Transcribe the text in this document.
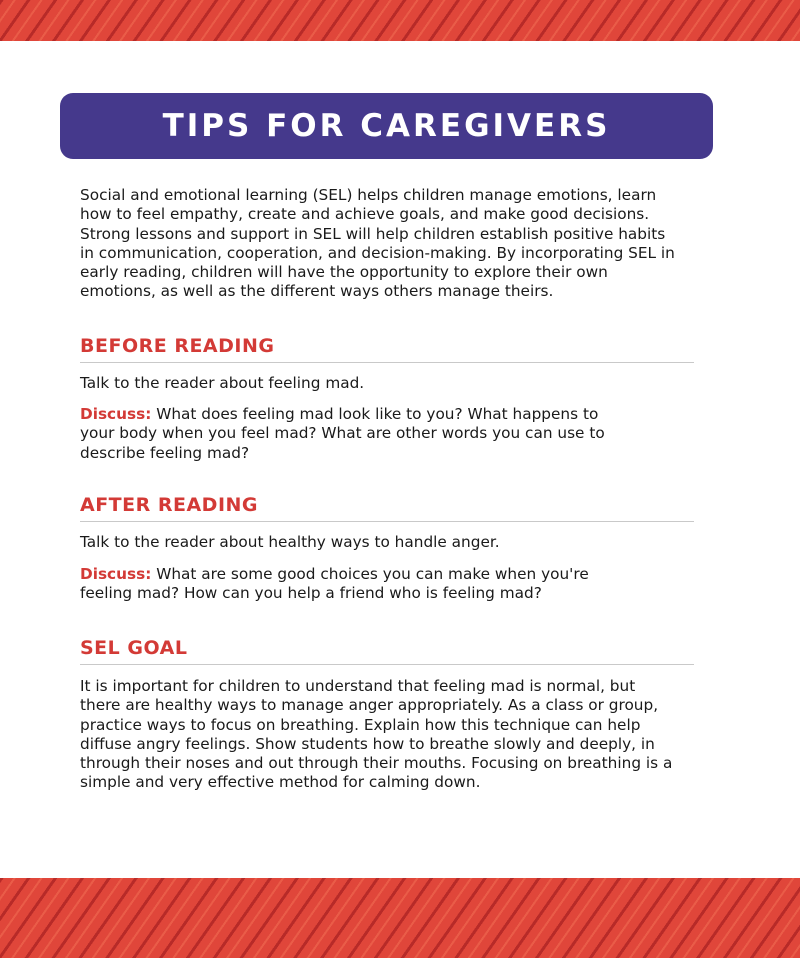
TIPS FOR CAREGIVERS

Social and emotional learning (SEL) helps children manage emotions, learn how to feel empathy, create and achieve goals, and make good decisions. Strong lessons and support in SEL will help children establish positive habits in communication, cooperation, and decision-making. By incorporating SEL in early reading, children will have the opportunity to explore their own emotions, as well as the different ways others manage theirs.

BEFORE READING

Talk to the reader about feeling mad.

Discuss: What does feeling mad look like to you? What happens to your body when you feel mad? What are other words you can use to describe feeling mad?

AFTER READING

Talk to the reader about healthy ways to handle anger.

Discuss: What are some good choices you can make when you're feeling mad? How can you help a friend who is feeling mad?

SEL GOAL

It is important for children to understand that feeling mad is normal, but there are healthy ways to manage anger appropriately. As a class or group, practice ways to focus on breathing. Explain how this technique can help diffuse angry feelings. Show students how to breathe slowly and deeply, in through their noses and out through their mouths. Focusing on breathing is a simple and very effective method for calming down.
